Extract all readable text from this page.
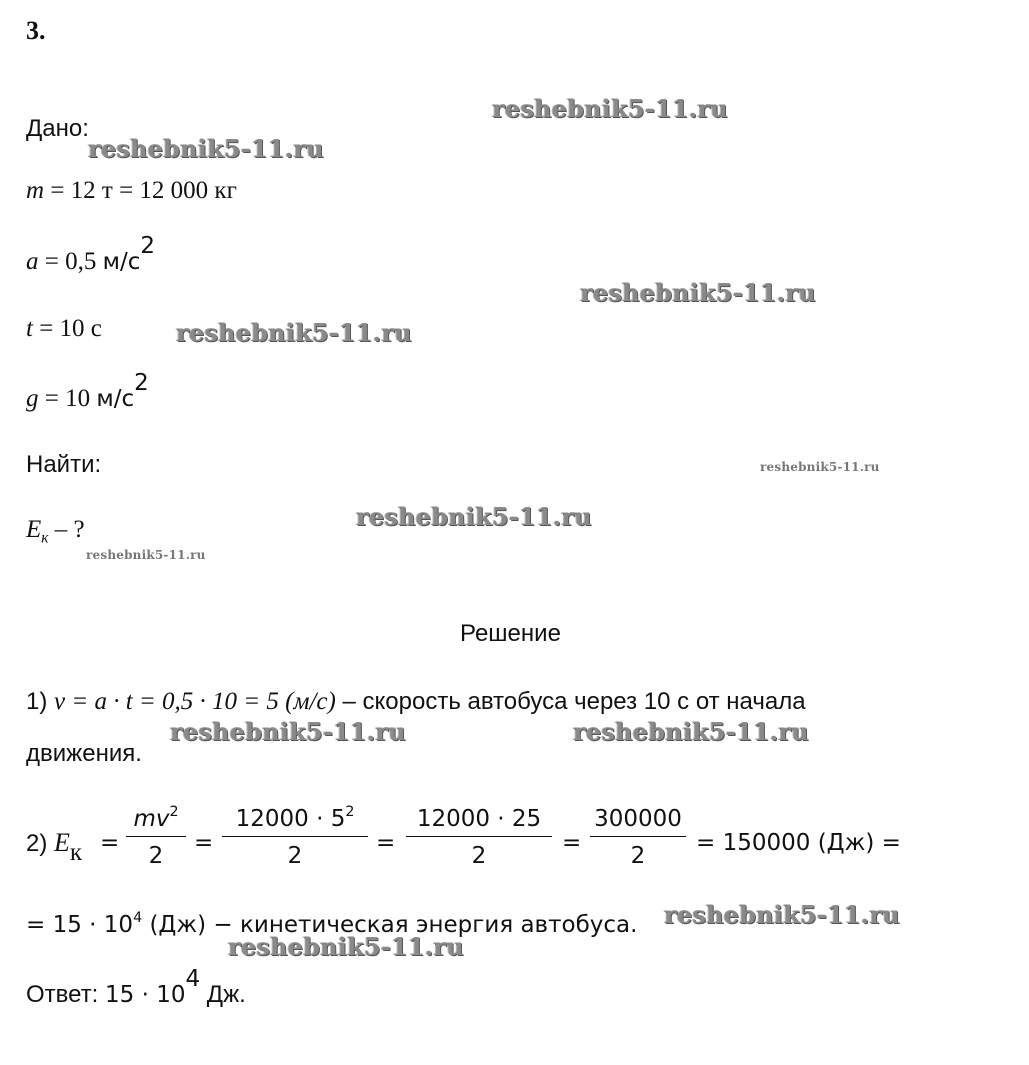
3.
Дано:
m = 12 т = 12 000 кг
a = 0,5 $м/с^2$
t = 10 с
g = 10 $м/с^2$
Найти:
$E_к$ – ?
Решение
1) v = a · t = 0,5 · 10 = 5 (м/с) – скорость автобуса через 10 с от начала
движения.
2) $E_к$ =
$mv^2$
2	=
$12000 \cdot 5^2$
2	=
12000 · 25
2	=
300000
2	= 150000 (Дж) =
= $15 \cdot 10^4$ (Дж) − кинетическая энергия автобуса.
Ответ: $15 \cdot 10^4$ Дж.
reshebnik5-11.ru
reshebnik5-11.ru
reshebnik5-11.ru
reshebnik5-11.ru
reshebnik5-11.ru
reshebnik5-11.ru
reshebnik5-11.ru
reshebnik5-11.ru	reshebnik5-11.ru
reshebnik5-11.ru
reshebnik5-11.ru
